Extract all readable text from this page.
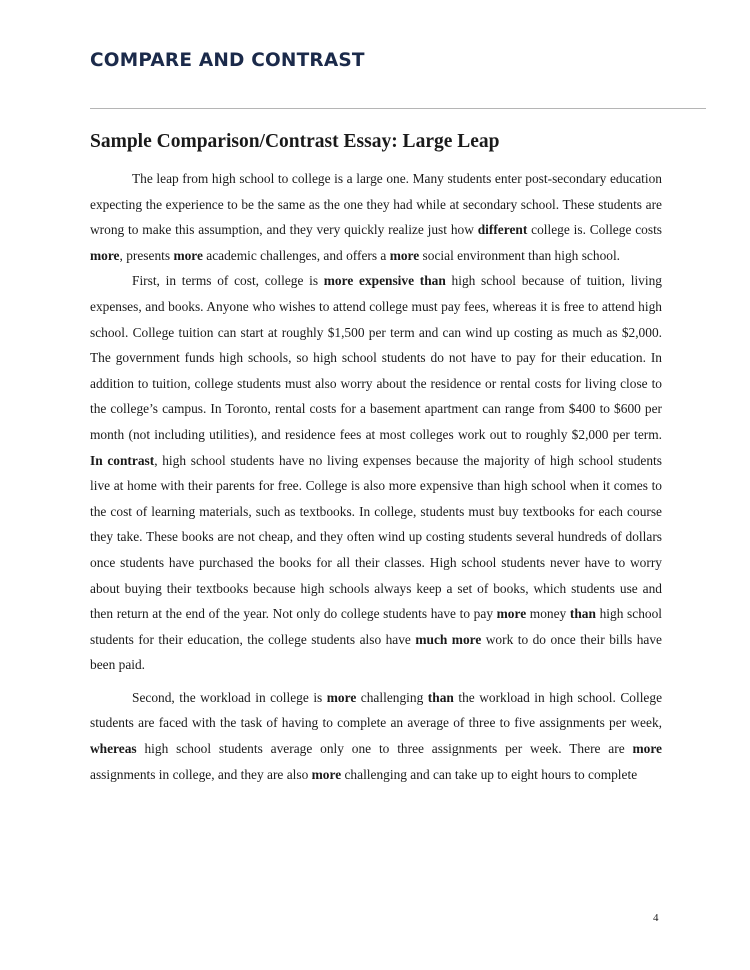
COMPARE AND CONTRAST
Sample Comparison/Contrast Essay: Large Leap

The leap from high school to college is a large one. Many students enter post-secondary education expecting the experience to be the same as the one they had while at secondary school. These students are wrong to make this assumption, and they very quickly realize just how different college is. College costs more, presents more academic challenges, and offers a more social environment than high school.

First, in terms of cost, college is more expensive than high school because of tuition, living expenses, and books. Anyone who wishes to attend college must pay fees, whereas it is free to attend high school. College tuition can start at roughly $1,500 per term and can wind up costing as much as $2,000. The government funds high schools, so high school students do not have to pay for their education. In addition to tuition, college students must also worry about the residence or rental costs for living close to the college’s campus. In Toronto, rental costs for a basement apartment can range from $400 to $600 per month (not including utilities), and residence fees at most colleges work out to roughly $2,000 per term. In contrast, high school students have no living expenses because the majority of high school students live at home with their parents for free. College is also more expensive than high school when it comes to the cost of learning materials, such as textbooks. In college, students must buy textbooks for each course they take. These books are not cheap, and they often wind up costing students several hundreds of dollars once students have purchased the books for all their classes. High school students never have to worry about buying their textbooks because high schools always keep a set of books, which students use and then return at the end of the year. Not only do college students have to pay more money than high school students for their education, the college students also have much more work to do once their bills have been paid.

Second, the workload in college is more challenging than the workload in high school. College students are faced with the task of having to complete an average of three to five assignments per week, whereas high school students average only one to three assignments per week. There are more assignments in college, and they are also more challenging and can take up to eight hours to complete

4
